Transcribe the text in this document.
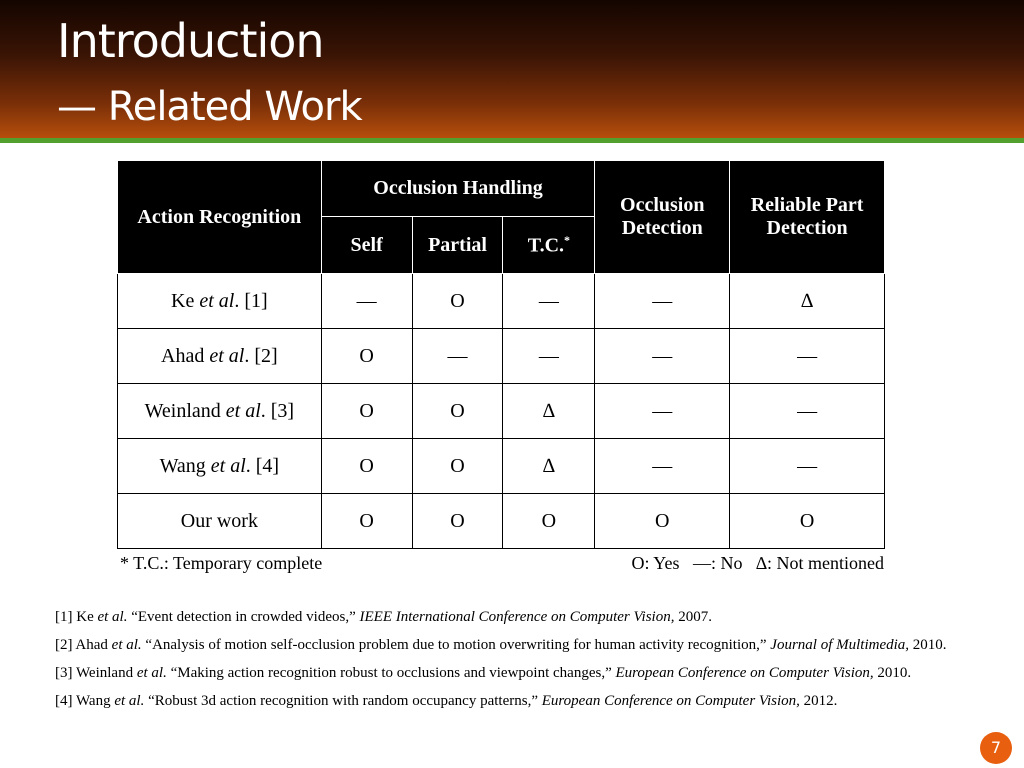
Introduction
— Related Work
Action Recognition	Occlusion Handling			Occlusion Detection	Reliable Part Detection
	Self	Partial	T.C.*
Ke et al. [1]	—	O	—	—	∆
Ahad et al. [2]	O	—	—	—	—
Weinland et al. [3]	O	O	∆	—	—
Wang et al. [4]	O	O	∆	—	—
Our work	O	O	O	O	O
* T.C.: Temporary complete	O: Yes   —: No   ∆: Not mentioned
[1] Ke et al. “Event detection in crowded videos,” IEEE International Conference on Computer Vision, 2007.
[2] Ahad et al. “Analysis of motion self-occlusion problem due to motion overwriting for human activity recognition,” Journal of Multimedia, 2010.
[3] Weinland et al. “Making action recognition robust to occlusions and viewpoint changes,” European Conference on Computer Vision, 2010.
[4] Wang et al. “Robust 3d action recognition with random occupancy patterns,” European Conference on Computer Vision, 2012.
7
